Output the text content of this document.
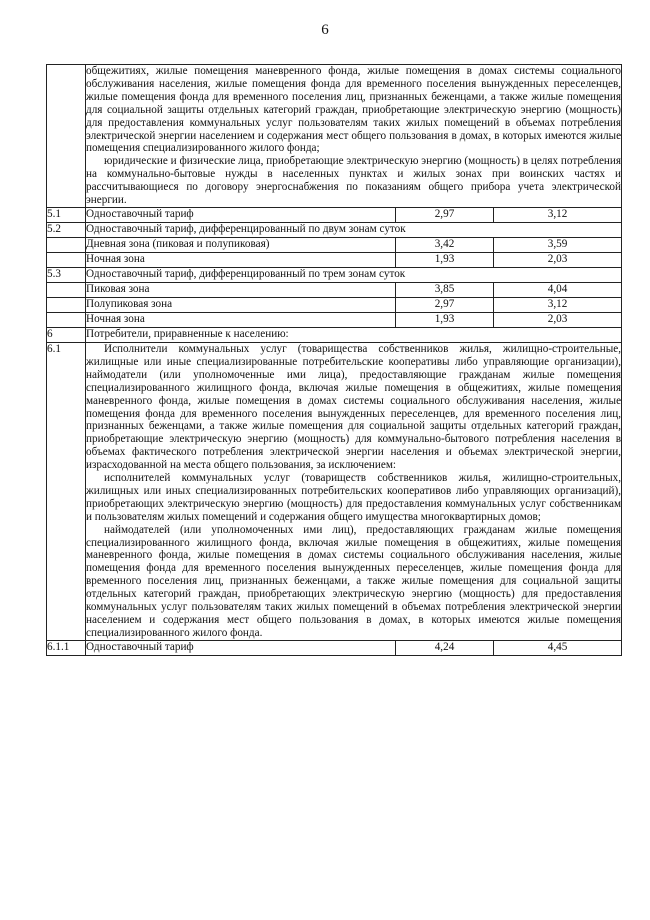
6

	общежитиях, жилые помещения маневренного фонда, жилые помещения в домах системы социального обслуживания населения, жилые помещения фонда для временного поселения вынужденных переселенцев, жилые помещения фонда для временного поселения лиц, признанных беженцами, а также жилые помещения для социальной защиты отдельных категорий граждан, приобретающие электрическую энергию (мощность) для предоставления коммунальных услуг пользователям таких жилых помещений в объемах потребления электрической энергии населением и содержания мест общего пользования в домах, в которых имеются жилые помещения специализированного жилого фонда;

юридические и физические лица, приобретающие электрическую энергию (мощность) в целях потребления на коммунально-бытовые нужды в населенных пунктах и жилых зонах при воинских частях и рассчитывающиеся по договору энергоснабжения по показаниям общего прибора учета электрической энергии.		

5.1	Одноставочный тариф	2,97	3,12
5.2	Одноставочный тариф, дифференцированный по двум зонам суток		
	Дневная зона (пиковая и полупиковая)	3,42	3,59
	Ночная зона	1,93	2,03
5.3	Одноставочный тариф, дифференцированный по трем зонам суток		
	Пиковая зона	3,85	4,04
	Полупиковая зона	2,97	3,12
	Ночная зона	1,93	2,03
6	Потребители, приравненные к населению:		
6.1	Исполнители коммунальных услуг (товарищества собственников жилья, жилищно-строительные, жилищные или иные специализированные потребительские кооперативы либо управляющие организации), наймодатели (или уполномоченные ими лица), предоставляющие гражданам жилые помещения специализированного жилищного фонда, включая жилые помещения в общежитиях, жилые помещения маневренного фонда, жилые помещения в домах системы социального обслуживания населения, жилые помещения фонда для временного поселения вынужденных переселенцев, для временного поселения лиц, признанных беженцами, а также жилые помещения для социальной защиты отдельных категорий граждан, приобретающие электрическую энергию (мощность) для коммунально-бытового потребления населения в объемах фактического потребления электрической энергии населения и объемах электрической энергии, израсходованной на места общего пользования, за исключением:

исполнителей коммунальных услуг (товариществ собственников жилья, жилищно-строительных, жилищных или иных специализированных потребительских кооперативов либо управляющих организаций), приобретающих электрическую энергию (мощность) для предоставления коммунальных услуг собственникам и пользователям жилых помещений и содержания общего имущества многоквартирных домов;

наймодателей (или уполномоченных ими лиц), предоставляющих гражданам жилые помещения специализированного жилищного фонда, включая жилые помещения в общежитиях, жилые помещения маневренного фонда, жилые помещения в домах системы социального обслуживания населения, жилые помещения фонда для временного поселения вынужденных переселенцев, жилые помещения фонда для временного поселения лиц, признанных беженцами, а также жилые помещения для социальной защиты отдельных категорий граждан, приобретающих электрическую энергию (мощность) для предоставления коммунальных услуг пользователям таких жилых помещений в объемах потребления электрической энергии населением и содержания мест общего пользования в домах, в которых имеются жилые помещения специализированного жилого фонда.		

6.1.1	Одноставочный тариф	4,24	4,45
